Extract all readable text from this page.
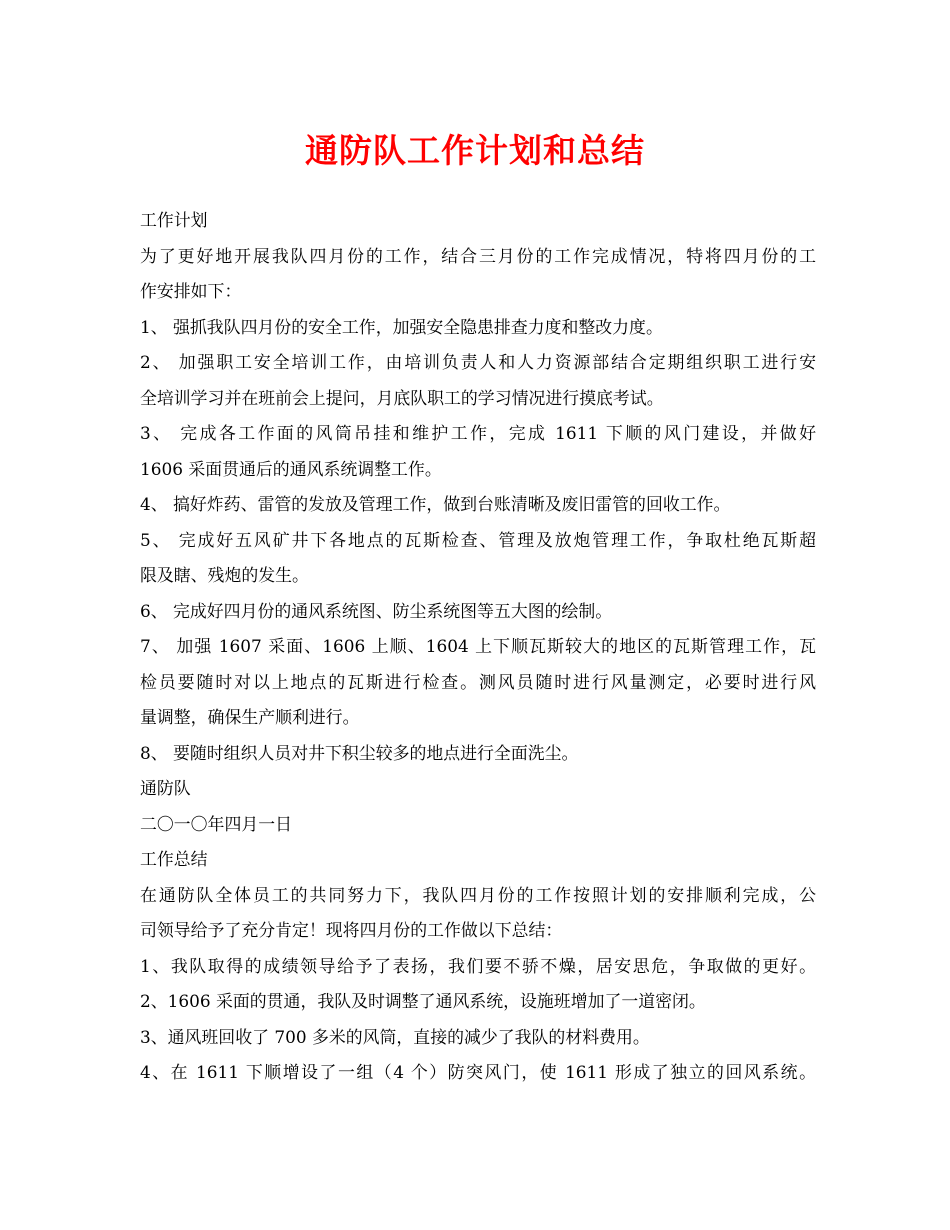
通防队工作计划和总结
工作计划
为了更好地开展我队四月份的工作，结合三月份的工作完成情况，特将四月份的工
作安排如下：
1、 强抓我队四月份的安全工作，加强安全隐患排查力度和整改力度。
2、 加强职工安全培训工作，由培训负责人和人力资源部结合定期组织职工进行安
全培训学习并在班前会上提问，月底队职工的学习情况进行摸底考试。
3、 完成各工作面的风筒吊挂和维护工作，完成 1611 下顺的风门建设，并做好
1606 采面贯通后的通风系统调整工作。
4、 搞好炸药、雷管的发放及管理工作，做到台账清晰及废旧雷管的回收工作。
5、 完成好五风矿井下各地点的瓦斯检查、管理及放炮管理工作，争取杜绝瓦斯超
限及瞎、残炮的发生。
6、 完成好四月份的通风系统图、防尘系统图等五大图的绘制。
7、 加强 1607 采面、1606 上顺、1604 上下顺瓦斯较大的地区的瓦斯管理工作，瓦
检员要随时对以上地点的瓦斯进行检查。测风员随时进行风量测定，必要时进行风
量调整，确保生产顺利进行。
8、 要随时组织人员对井下积尘较多的地点进行全面洗尘。
通防队
二〇一〇年四月一日
工作总结
在通防队全体员工的共同努力下，我队四月份的工作按照计划的安排顺利完成，公
司领导给予了充分肯定！现将四月份的工作做以下总结：
1、我队取得的成绩领导给予了表扬，我们要不骄不燥，居安思危，争取做的更好。
2、1606 采面的贯通，我队及时调整了通风系统，设施班增加了一道密闭。
3、通风班回收了 700 多米的风筒，直接的减少了我队的材料费用。
4、在 1611 下顺增设了一组（4 个）防突风门，使 1611 形成了独立的回风系统。
